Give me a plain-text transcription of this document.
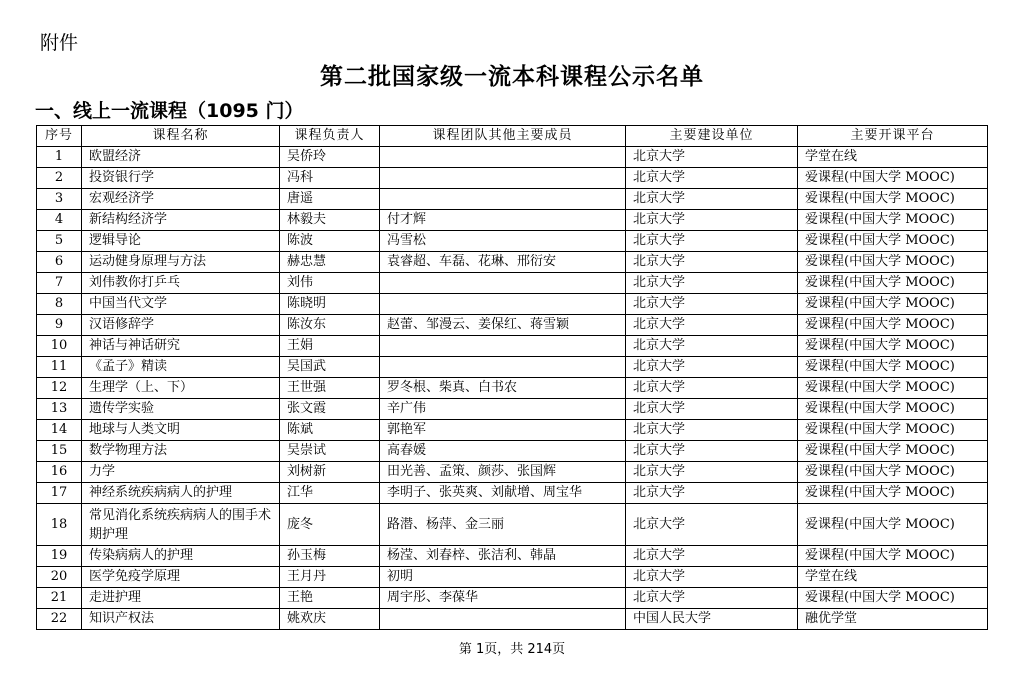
附件
第二批国家级一流本科课程公示名单
一、线上一流课程（1095 门）
序号	课程名称	课程负责人	课程团队其他主要成员	主要建设单位	主要开课平台
1	欧盟经济	吴侨玲		北京大学	学堂在线
2	投资银行学	冯科		北京大学	爱课程(中国大学 MOOC)
3	宏观经济学	唐遥		北京大学	爱课程(中国大学 MOOC)
4	新结构经济学	林毅夫	付才辉	北京大学	爱课程(中国大学 MOOC)
5	逻辑导论	陈波	冯雪松	北京大学	爱课程(中国大学 MOOC)
6	运动健身原理与方法	赫忠慧	袁睿超、车磊、花琳、邢衍安	北京大学	爱课程(中国大学 MOOC)
7	刘伟教你打乒乓	刘伟		北京大学	爱课程(中国大学 MOOC)
8	中国当代文学	陈晓明		北京大学	爱课程(中国大学 MOOC)
9	汉语修辞学	陈汝东	赵蕾、邹漫云、姜保红、蒋雪颖	北京大学	爱课程(中国大学 MOOC)
10	神话与神话研究	王娟		北京大学	爱课程(中国大学 MOOC)
11	《孟子》精读	吴国武		北京大学	爱课程(中国大学 MOOC)
12	生理学（上、下）	王世强	罗冬根、柴真、白书农	北京大学	爱课程(中国大学 MOOC)
13	遗传学实验	张文霞	辛广伟	北京大学	爱课程(中国大学 MOOC)
14	地球与人类文明	陈斌	郭艳军	北京大学	爱课程(中国大学 MOOC)
15	数学物理方法	吴崇试	高春媛	北京大学	爱课程(中国大学 MOOC)
16	力学	刘树新	田光善、孟策、颜莎、张国辉	北京大学	爱课程(中国大学 MOOC)
17	神经系统疾病病人的护理	江华	李明子、张英爽、刘献增、周宝华	北京大学	爱课程(中国大学 MOOC)
18	常见消化系统疾病病人的围手术期护理	庞冬	路潜、杨萍、金三丽	北京大学	爱课程(中国大学 MOOC)
19	传染病病人的护理	孙玉梅	杨滢、刘春梓、张洁利、韩晶	北京大学	爱课程(中国大学 MOOC)
20	医学免疫学原理	王月丹	初明	北京大学	学堂在线
21	走进护理	王艳	周宇彤、李葆华	北京大学	爱课程(中国大学 MOOC)
22	知识产权法	姚欢庆		中国人民大学	融优学堂
第 1页，共 214页
